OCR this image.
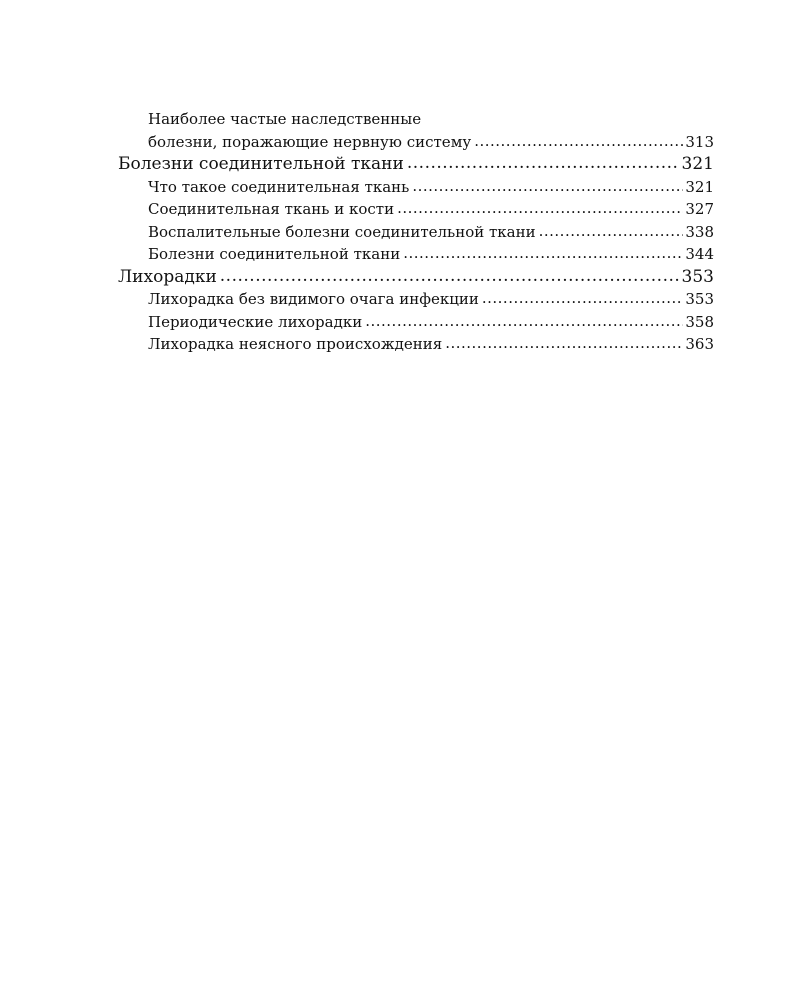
Наиболее частые наследственные
болезни, поражающие нервную систему .....	313
Болезни соединительной ткани .....	321
Что такое соединительная ткань .....	321
Соединительная ткань и кости .....	327
Воспалительные болезни соединительной ткани .....	338
Болезни соединительной ткани .....	344
Лихорадки .....	353
Лихорадка без видимого очага инфекции .....	353
Периодические лихорадки .....	358
Лихорадка неясного происхождения .....	363
